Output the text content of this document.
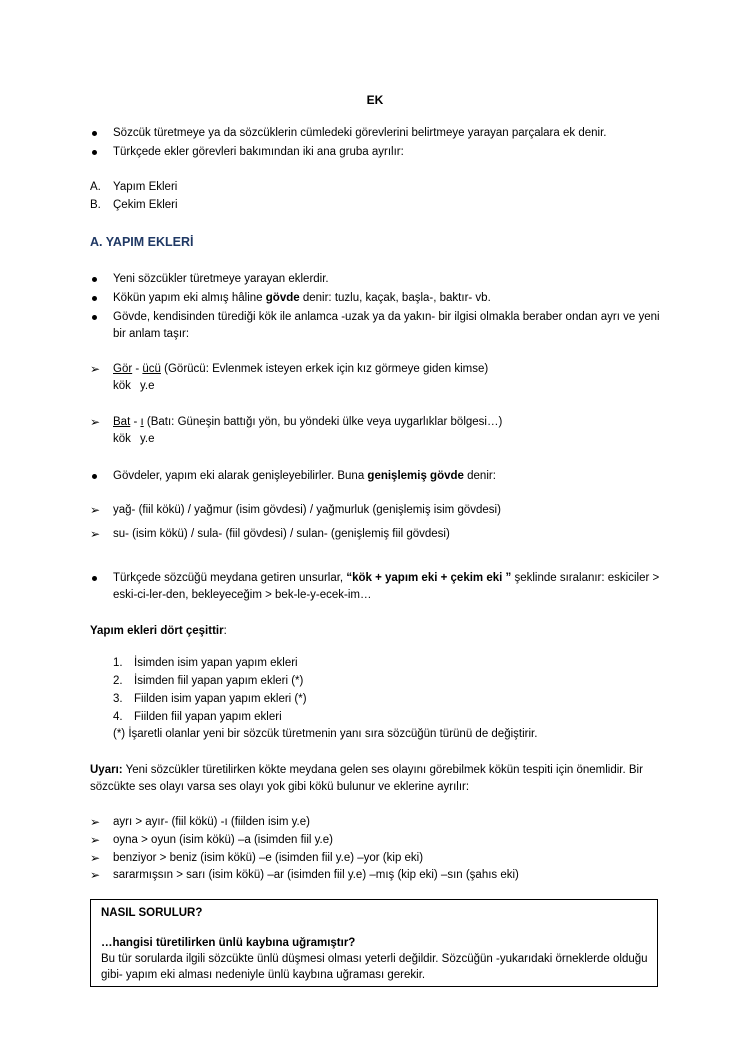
EK
Sözcük türetmeye ya da sözcüklerin cümledeki görevlerini belirtmeye yarayan parçalara ek denir.
Türkçede ekler görevleri bakımından iki ana gruba ayrılır:
A. Yapım Ekleri
B. Çekim Ekleri
A. YAPIM EKLERİ
Yeni sözcükler türetmeye yarayan eklerdir.
Kökün yapım eki almış hâline gövde denir: tuzlu, kaçak, başla-, baktır- vb.
Gövde, kendisinden türediği kök ile anlamca -uzak ya da yakın- bir ilgisi olmakla beraber ondan ayrı ve yeni
bir anlam taşır:
➢ Gör - ücü (Görücü: Evlenmek isteyen erkek için kız görmeye giden kimse)
kök y.e
➢ Bat - ı (Batı: Güneşin battığı yön, bu yöndeki ülke veya uygarlıklar bölgesi…)
kök y.e
Gövdeler, yapım eki alarak genişleyebilirler. Buna genişlemiş gövde denir:
➢ yağ- (fiil kökü) / yağmur (isim gövdesi) / yağmurluk (genişlemiş isim gövdesi)
➢ su- (isim kökü) / sula- (fiil gövdesi) / sulan- (genişlemiş fiil gövdesi)
Türkçede sözcüğü meydana getiren unsurlar, “kök + yapım eki + çekim eki ” şeklinde sıralanır: eskiciler >
eski-ci-ler-den, bekleyeceğim > bek-le-y-ecek-im…
Yapım ekleri dört çeşittir:
1. İsimden isim yapan yapım ekleri
2. İsimden fiil yapan yapım ekleri (*)
3. Fiilden isim yapan yapım ekleri (*)
4. Fiilden fiil yapan yapım ekleri
(*) İşaretli olanlar yeni bir sözcük türetmenin yanı sıra sözcüğün türünü de değiştirir.
Uyarı: Yeni sözcükler türetilirken kökte meydana gelen ses olayını görebilmek kökün tespiti için önemlidir. Bir
sözcükte ses olayı varsa ses olayı yok gibi kökü bulunur ve eklerine ayrılır:
➢ ayrı > ayır- (fiil kökü) -ı (fiilden isim y.e)
➢ oyna > oyun (isim kökü) –a (isimden fiil y.e)
➢ benziyor > beniz (isim kökü) –e (isimden fiil y.e) –yor (kip eki)
➢ sararmışsın > sarı (isim kökü) –ar (isimden fiil y.e) –mış (kip eki) –sın (şahıs eki)
NASIL SORULUR?
…hangisi türetilirken ünlü kaybına uğramıştır?
Bu tür sorularda ilgili sözcükte ünlü düşmesi olması yeterli değildir. Sözcüğün -yukarıdaki örneklerde olduğu
gibi- yapım eki alması nedeniyle ünlü kaybına uğraması gerekir.
